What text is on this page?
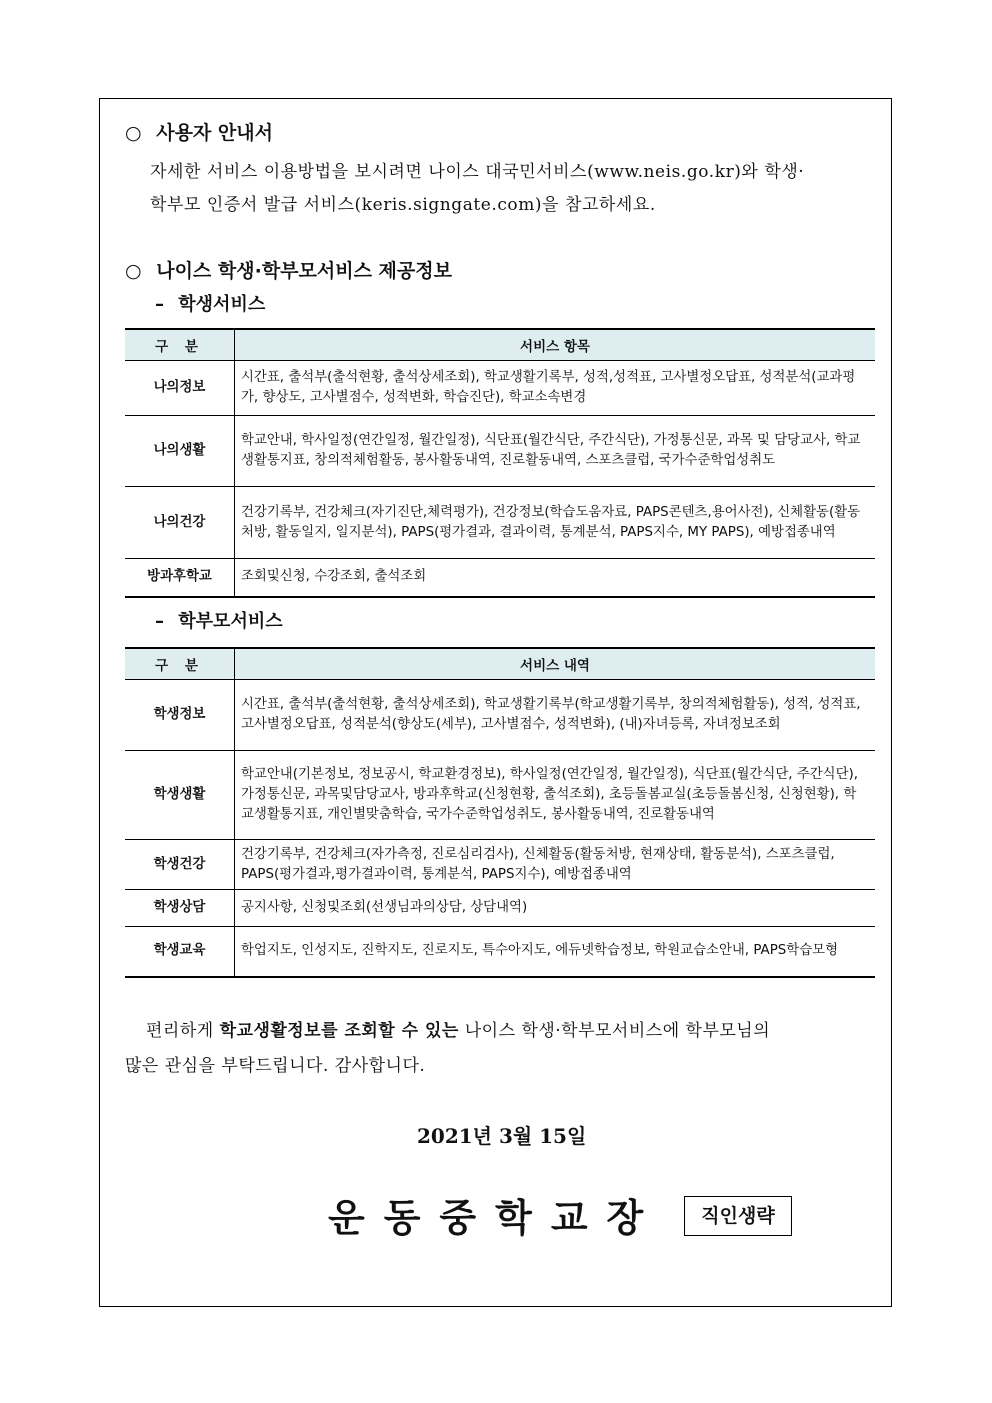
○ 사용자 안내서
자세한 서비스 이용방법을 보시려면 나이스 대국민서비스(www.neis.go.kr)와 학생·
학부모 인증서 발급 서비스(keris.signgate.com)을 참고하세요.
○ 나이스 학생·학부모서비스 제공정보
– 학생서비스
구 분	서비스 항목
나의정보	시간표, 출석부(출석현황, 출석상세조회), 학교생활기록부, 성적,성적표, 고사별정오답표, 성적분석(교과평가, 향상도, 고사별점수, 성적변화, 학습진단), 학교소속변경
나의생활	학교안내, 학사일정(연간일정, 월간일정), 식단표(월간식단, 주간식단), 가정통신문, 과목 및 담당교사, 학교생활통지표, 창의적체험활동, 봉사활동내역, 진로활동내역, 스포츠클럽, 국가수준학업성취도
나의건강	건강기록부, 건강체크(자기진단,체력평가), 건강정보(학습도움자료, PAPS콘텐츠,용어사전), 신체활동(활동처방, 활동일지, 일지분석), PAPS(평가결과, 결과이력, 통계분석, PAPS지수, MY PAPS), 예방접종내역
방과후학교	조회및신청, 수강조회, 출석조회
– 학부모서비스
구 분	서비스 내역
학생정보	시간표, 출석부(출석현황, 출석상세조회), 학교생활기록부(학교생활기록부, 창의적체험활동), 성적, 성적표, 고사별정오답표, 성적분석(향상도(세부), 고사별점수, 성적변화), (내)자녀등록, 자녀정보조회
학생생활	학교안내(기본정보, 정보공시, 학교환경정보), 학사일정(연간일정, 월간일정), 식단표(월간식단, 주간식단), 가정통신문, 과목및담당교사, 방과후학교(신청현황, 출석조회), 초등돌봄교실(초등돌봄신청, 신청현황), 학교생활통지표, 개인별맞춤학습, 국가수준학업성취도, 봉사활동내역, 진로활동내역
학생건강	건강기록부, 건강체크(자가측정, 진로심리검사), 신체활동(활동처방, 현재상태, 활동분석), 스포츠클럽, PAPS(평가결과,평가결과이력, 통계분석, PAPS지수), 예방접종내역
학생상담	공지사항, 신청및조회(선생님과의상담, 상담내역)
학생교육	학업지도, 인성지도, 진학지도, 진로지도, 특수아지도, 에듀넷학습정보, 학원교습소안내, PAPS학습모형
편리하게 학교생활정보를 조회할 수 있는 나이스 학생·학부모서비스에 학부모님의
많은 관심을 부탁드립니다. 감사합니다.
2021년 3월 15일
운동중학교장	직인생략
